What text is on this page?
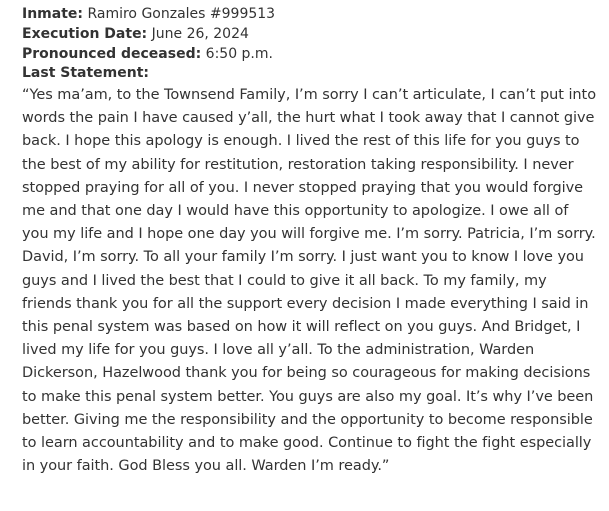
Inmate: Ramiro Gonzales #999513
Execution Date: June 26, 2024
Pronounced deceased: 6:50 p.m.
Last Statement:
“Yes ma’am, to the Townsend Family, I’m sorry I can’t articulate, I can’t put into words the pain I have caused y’all, the hurt what I took away that I cannot give back. I hope this apology is enough. I lived the rest of this life for you guys to the best of my ability for restitution, restoration taking responsibility. I never stopped praying for all of you. I never stopped praying that you would forgive me and that one day I would have this opportunity to apologize. I owe all of you my life and I hope one day you will forgive me. I’m sorry. Patricia, I’m sorry. David, I’m sorry. To all your family I’m sorry. I just want you to know I love you guys and I lived the best that I could to give it all back. To my family, my friends thank you for all the support every decision I made everything I said in this penal system was based on how it will reflect on you guys. And Bridget, I lived my life for you guys. I love all y’all. To the administration, Warden Dickerson, Hazelwood thank you for being so courageous for making decisions to make this penal system better. You guys are also my goal. It’s why I’ve been better. Giving me the responsibility and the opportunity to become responsible to learn accountability and to make good. Continue to fight the fight especially in your faith. God Bless you all. Warden I’m ready.”
